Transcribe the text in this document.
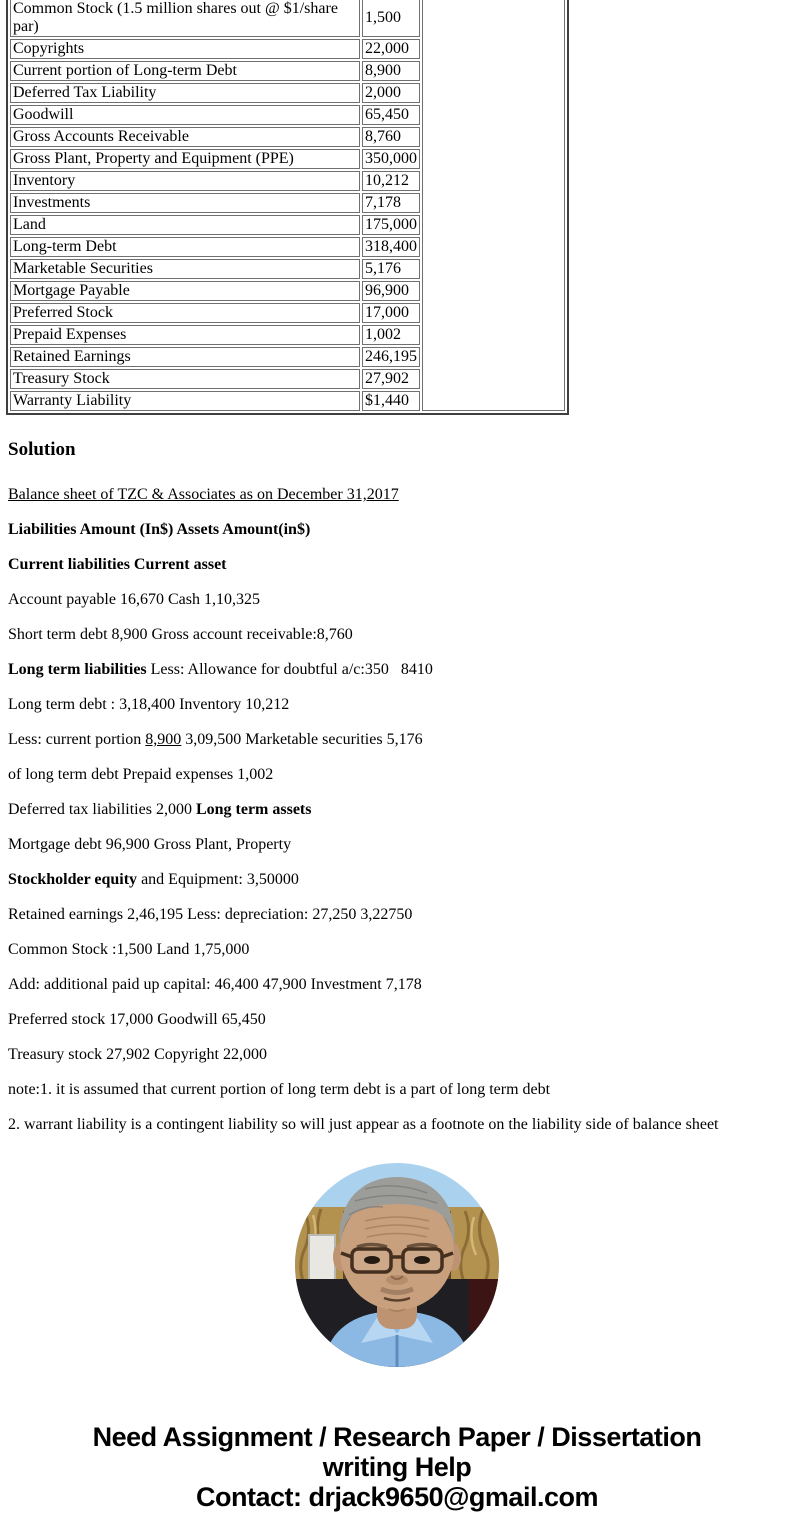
Common Stock (1.5 million shares out @ $1/share par)	1,500	
Copyrights	22,000	
Current portion of Long-term Debt	8,900	
Deferred Tax Liability	2,000	
Goodwill	65,450	
Gross Accounts Receivable	8,760	
Gross Plant, Property and Equipment (PPE)	350,000	
Inventory	10,212	
Investments	7,178	
Land	175,000	
Long-term Debt	318,400	
Marketable Securities	5,176	
Mortgage Payable	96,900	
Preferred Stock	17,000	
Prepaid Expenses	1,002	
Retained Earnings	246,195	
Treasury Stock	27,902	
Warranty Liability	$1,440	
Solution

Balance sheet of TZC & Associates as on December 31,2017

Liabilities Amount (In$) Assets Amount(in$)

Current liabilities Current asset

Account payable 16,670 Cash 1,10,325

Short term debt 8,900 Gross account receivable:8,760

Long term liabilities Less: Allowance for doubtful a/c:350   8410

Long term debt : 3,18,400 Inventory 10,212

Less: current portion 8,900 3,09,500 Marketable securities 5,176

of long term debt Prepaid expenses 1,002

Deferred tax liabilities 2,000 Long term assets

Mortgage debt 96,900 Gross Plant, Property

Stockholder equity and Equipment: 3,50000

Retained earnings 2,46,195 Less: depreciation: 27,250 3,22750

Common Stock :1,500 Land 1,75,000

Add: additional paid up capital: 46,400 47,900 Investment 7,178

Preferred stock 17,000 Goodwill 65,450

Treasury stock 27,902 Copyright 22,000

note:1. it is assumed that current portion of long term debt is a part of long term debt

2. warrant liability is a contingent liability so will just appear as a footnote on the liability side of balance sheet

Need Assignment / Research Paper / Dissertation
writing Help
Contact: drjack9650@gmail.com
